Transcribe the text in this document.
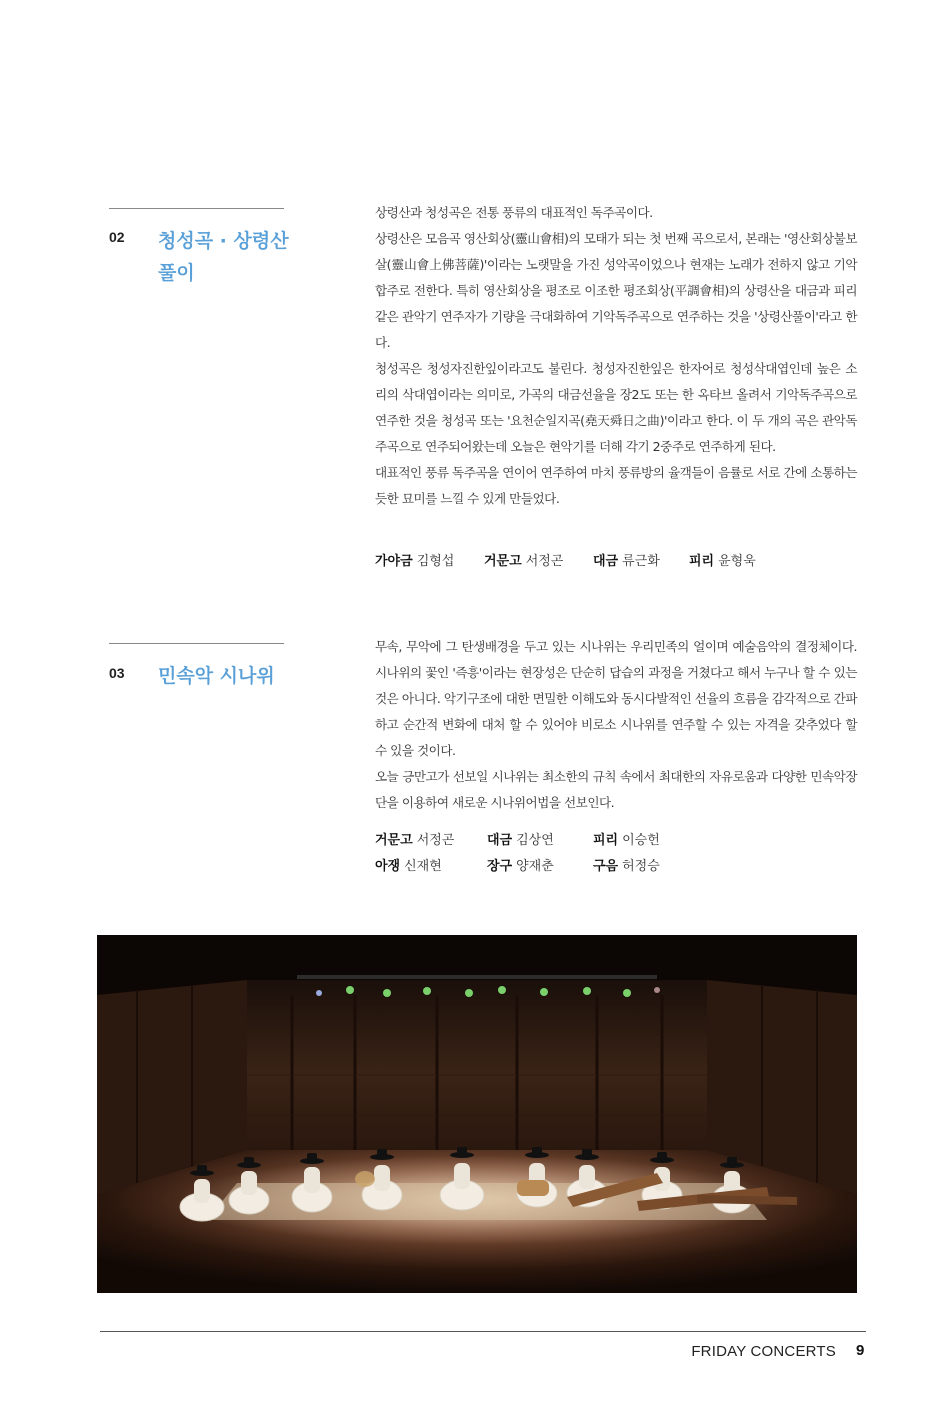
02 청성곡 · 상령산
풀이

상령산과 청성곡은 전통 풍류의 대표적인 독주곡이다.

상령산은 모음곡 영산회상(靈山會相)의 모태가 되는 첫 번째 곡으로서, 본래는 '영산회상불보살(靈山會上佛菩薩)'이라는 노랫말을 가진 성악곡이었으나 현재는 노래가 전하지 않고 기악합주로 전한다. 특히 영산회상을 평조로 이조한 평조회상(平調會相)의 상령산을 대금과 피리 같은 관악기 연주자가 기량을 극대화하여 기악독주곡으로 연주하는 것을 '상령산풀이'라고 한다.

청성곡은 청성자진한잎이라고도 불린다. 청성자진한잎은 한자어로 청성삭대엽인데 높은 소리의 삭대엽이라는 의미로, 가곡의 대금선율을 장2도 또는 한 옥타브 올려서 기악독주곡으로 연주한 것을 청성곡 또는 '요천순일지곡(堯天舜日之曲)'이라고 한다. 이 두 개의 곡은 관악독주곡으로 연주되어왔는데 오늘은 현악기를 더해 각기 2중주로 연주하게 된다.

대표적인 풍류 독주곡을 연이어 연주하여 마치 풍류방의 율객들이 음률로 서로 간에 소통하는 듯한 묘미를 느낄 수 있게 만들었다.

가야금 김형섭 거문고 서정곤 대금 류근화 피리 윤형욱
03 민속악 시나위

무속, 무악에 그 탄생배경을 두고 있는 시나위는 우리민족의 얼이며 예술음악의 결정체이다. 시나위의 꽃인 '즉흥'이라는 현장성은 단순히 답습의 과정을 거쳤다고 해서 누구나 할 수 있는 것은 아니다. 악기구조에 대한 면밀한 이해도와 동시다발적인 선율의 흐름을 감각적으로 간파하고 순간적 변화에 대처 할 수 있어야 비로소 시나위를 연주할 수 있는 자격을 갖추었다 할 수 있을 것이다.

오늘 긍만고가 선보일 시나위는 최소한의 규칙 속에서 최대한의 자유로움과 다양한 민속악장단을 이용하여 새로운 시나위어법을 선보인다.

거문고 서정곤	대금 김상연	피리 이승헌
아쟁 신재현	장구 양재춘	구음 허정승
FRIDAY CONCERTS 9
